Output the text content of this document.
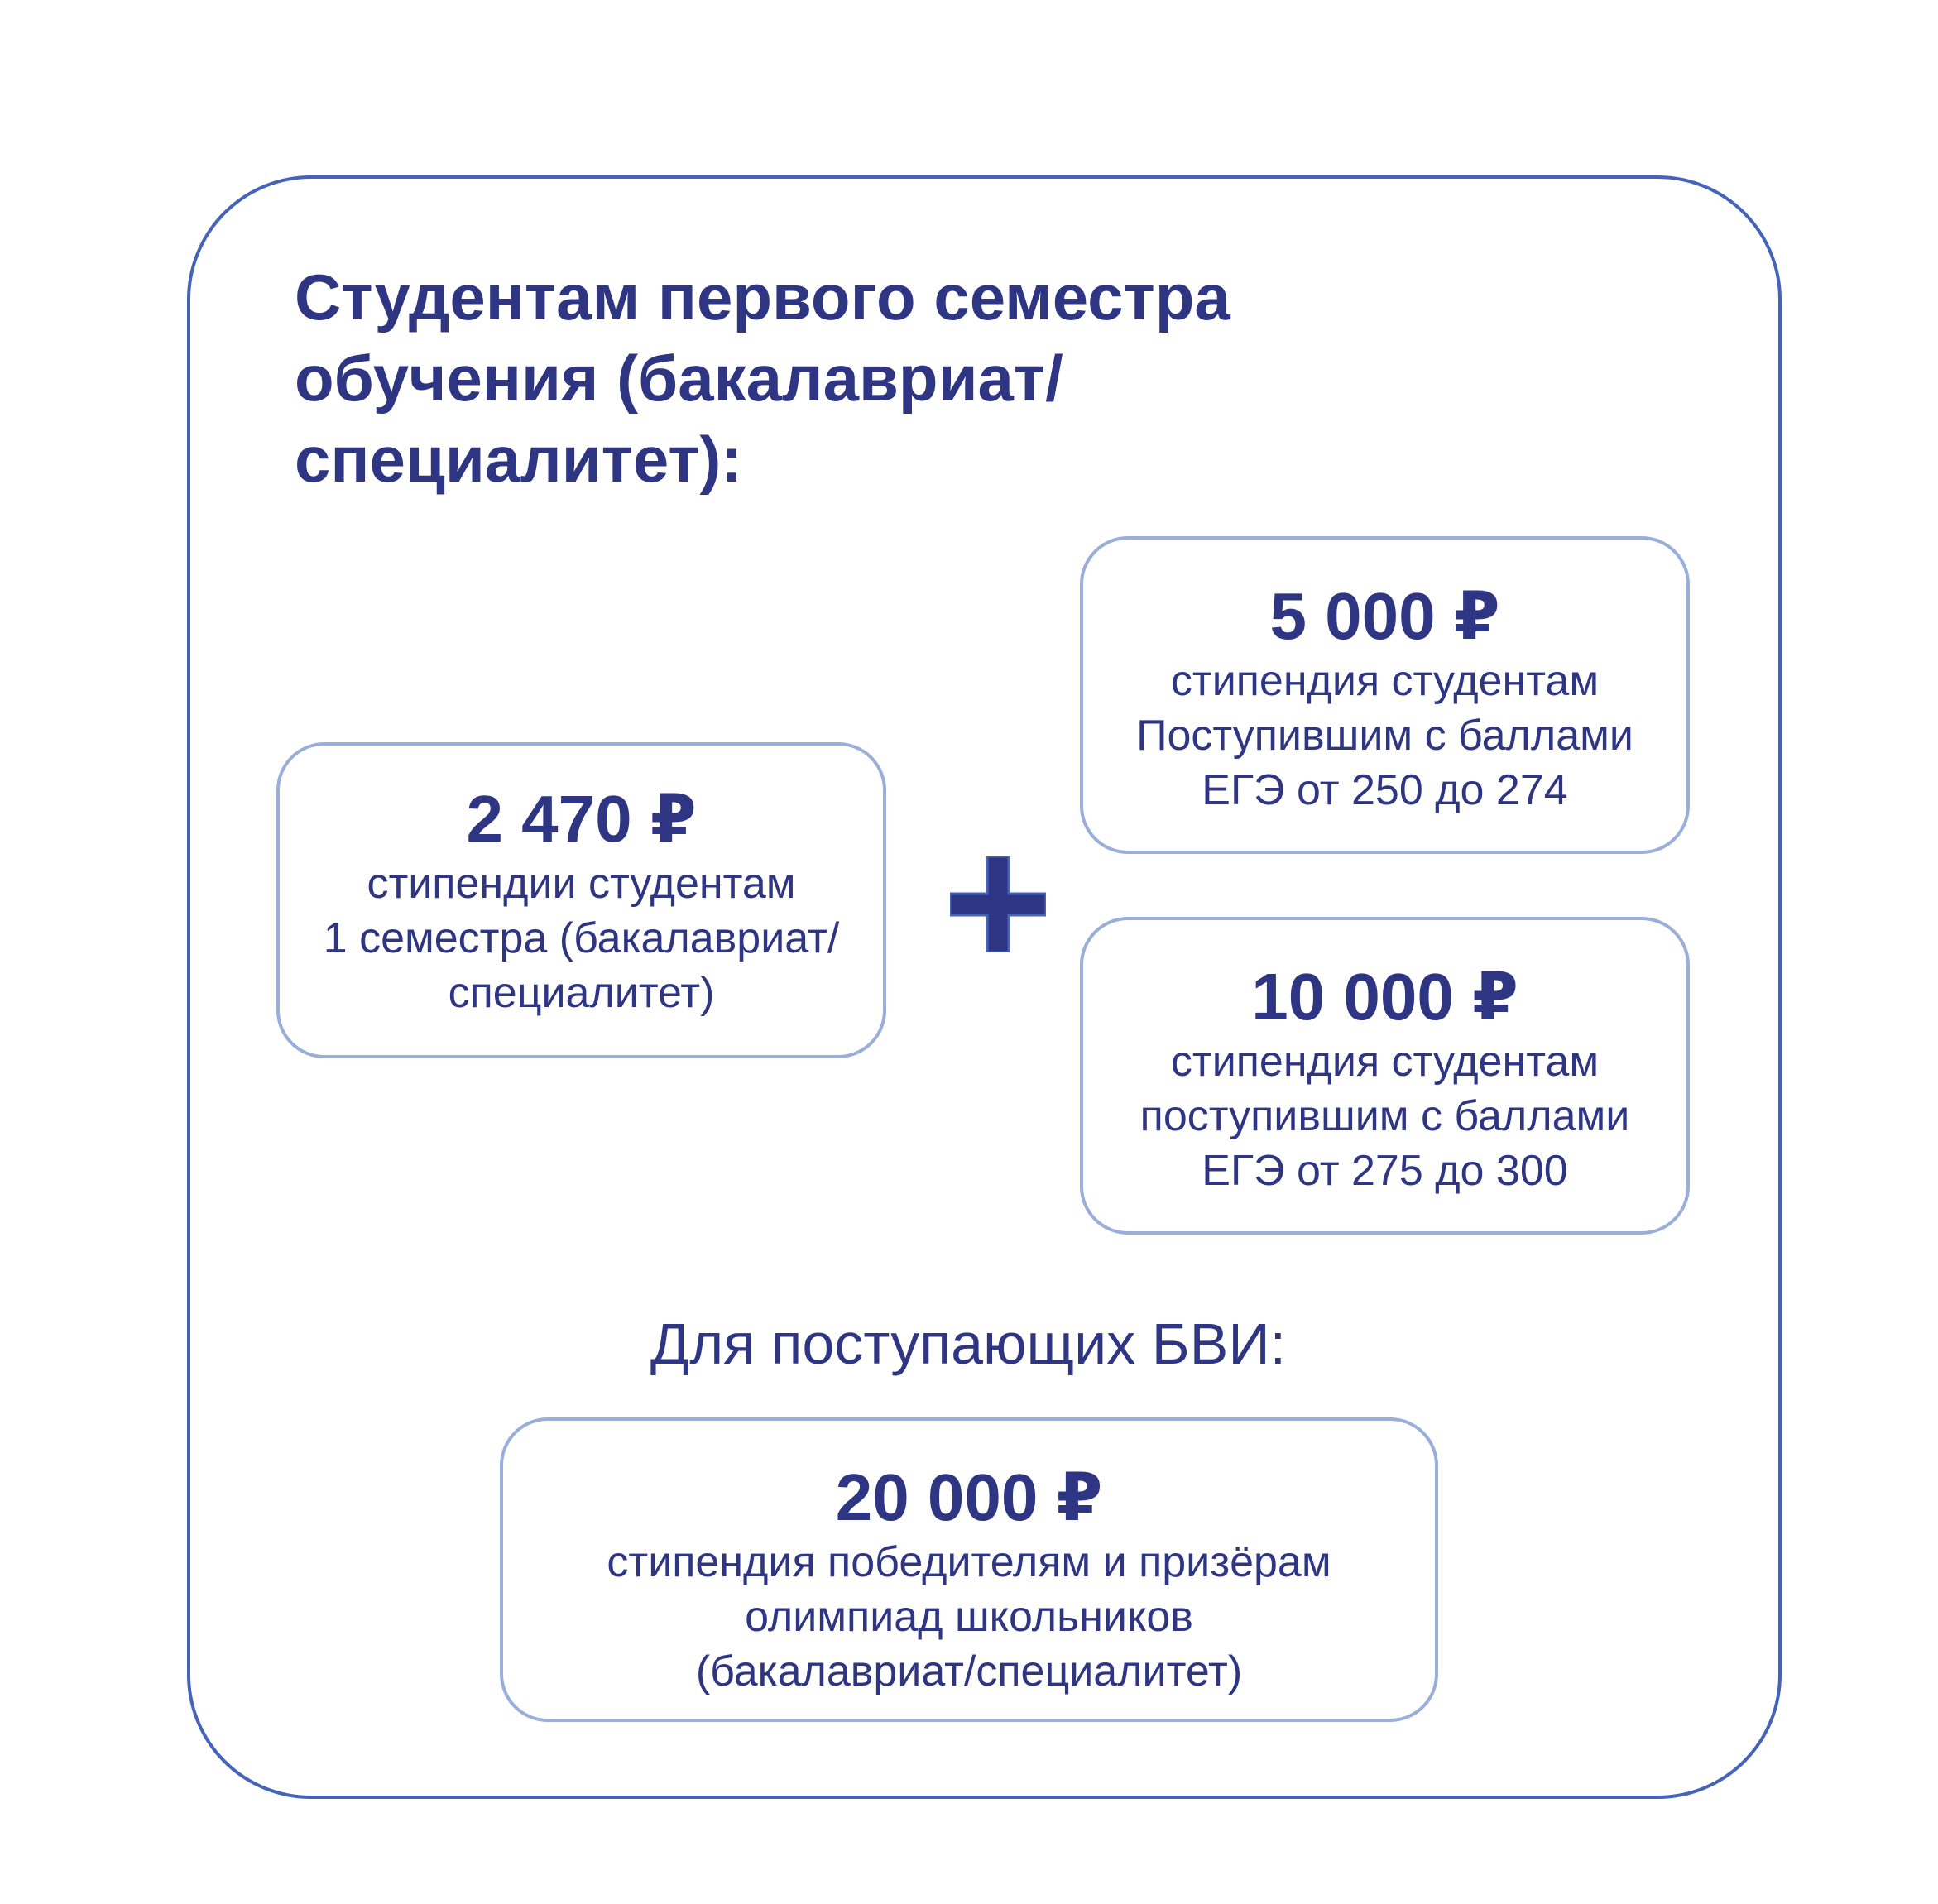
Студентам первого семестра
обучения (бакалавриат/
специалитет):
2 470 ₽
стипендии студентам
1 семестра (бакалавриат/
специалитет)
5 000 ₽
стипендия студентам
Поступившим с баллами
ЕГЭ от 250 до 274
10 000 ₽
стипендия студентам
поступившим с баллами
ЕГЭ от 275 до 300

Для поступающих БВИ:

20 000 ₽
стипендия победителям и призёрам
олимпиад школьников
(бакалавриат/специалитет)
